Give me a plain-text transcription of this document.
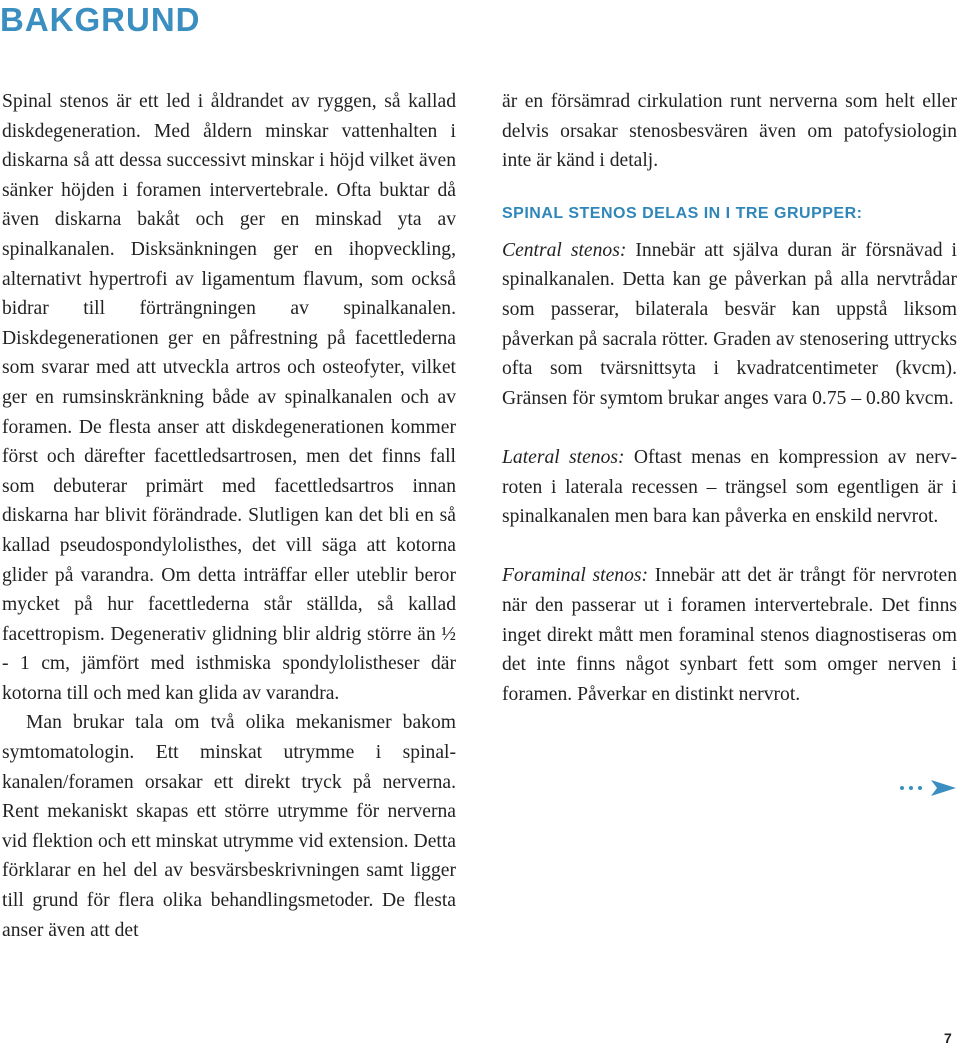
BAKGRUND

Spinal stenos är ett led i åldrandet av ryggen, så kallad diskdegeneration. Med åldern minskar vattenhalten i diskarna så att dessa successivt minskar i höjd vilket även sänker höjden i foramen intervertebrale. Ofta buktar då även diskarna bakåt och ger en minskad yta av spinalkanalen. Disksänkningen ger en ihopveckling, alternativt hypertrofi av ligamentum flavum, som också bidrar till förträngningen av spinalkanalen. Diskdegenerationen ger en påfrestning på facettlederna som svarar med att utveckla artros och osteofyter, vilket ger en rumsinskränkning både av spinalkanalen och av foramen. De flesta anser att diskdegenerationen kommer först och därefter facettledsartrosen, men det finns fall som debuterar primärt med facettledsartros innan diskarna har blivit förändrade. Slutligen kan det bli en så kallad pseudospondylolisthes, det vill säga att kotorna glider på varandra. Om detta inträffar eller uteblir beror mycket på hur facettlederna står ställda, så kallad facettropism. Degenerativ glidning blir aldrig större än ½ - 1 cm, jämfört med isthmiska spondylolistheser där kotorna till och med kan glida av varandra.

Man brukar tala om två olika mekanismer bakom symtomatologin. Ett minskat utrymme i spinalkanalen/foramen orsakar ett direkt tryck på nerverna. Rent mekaniskt skapas ett större utrymme för nerverna vid flektion och ett minskat utrymme vid extension. Detta förklarar en hel del av besvärsbeskrivningen samt ligger till grund för flera olika behandlingsmetoder. De flesta anser även att det

är en försämrad cirkulation runt nerverna som helt eller delvis orsakar stenosbesvären även om patofysiologin inte är känd i detalj.

SPINAL STENOS DELAS IN I TRE GRUPPER:

Central stenos: Innebär att själva duran är försnävad i spinalkanalen. Detta kan ge påverkan på alla nervtrådar som passerar, bilaterala besvär kan uppstå liksom påverkan på sacrala rötter. Graden av stenosering uttrycks ofta som tvärsnittsyta i kvadratcentimeter (kvcm). Gränsen för symtom brukar anges vara 0.75 – 0.80 kvcm.

Lateral stenos: Oftast menas en kompression av nervroten i laterala recessen – trängsel som egentligen är i spinalkanalen men bara kan påverka en enskild nervrot.

Foraminal stenos: Innebär att det är trångt för nervroten när den passerar ut i foramen intervertebrale. Det finns inget direkt mått men foraminal stenos diagnostiseras om det inte finns något synbart fett som omger nerven i foramen. Påverkar en distinkt nervrot.

7
